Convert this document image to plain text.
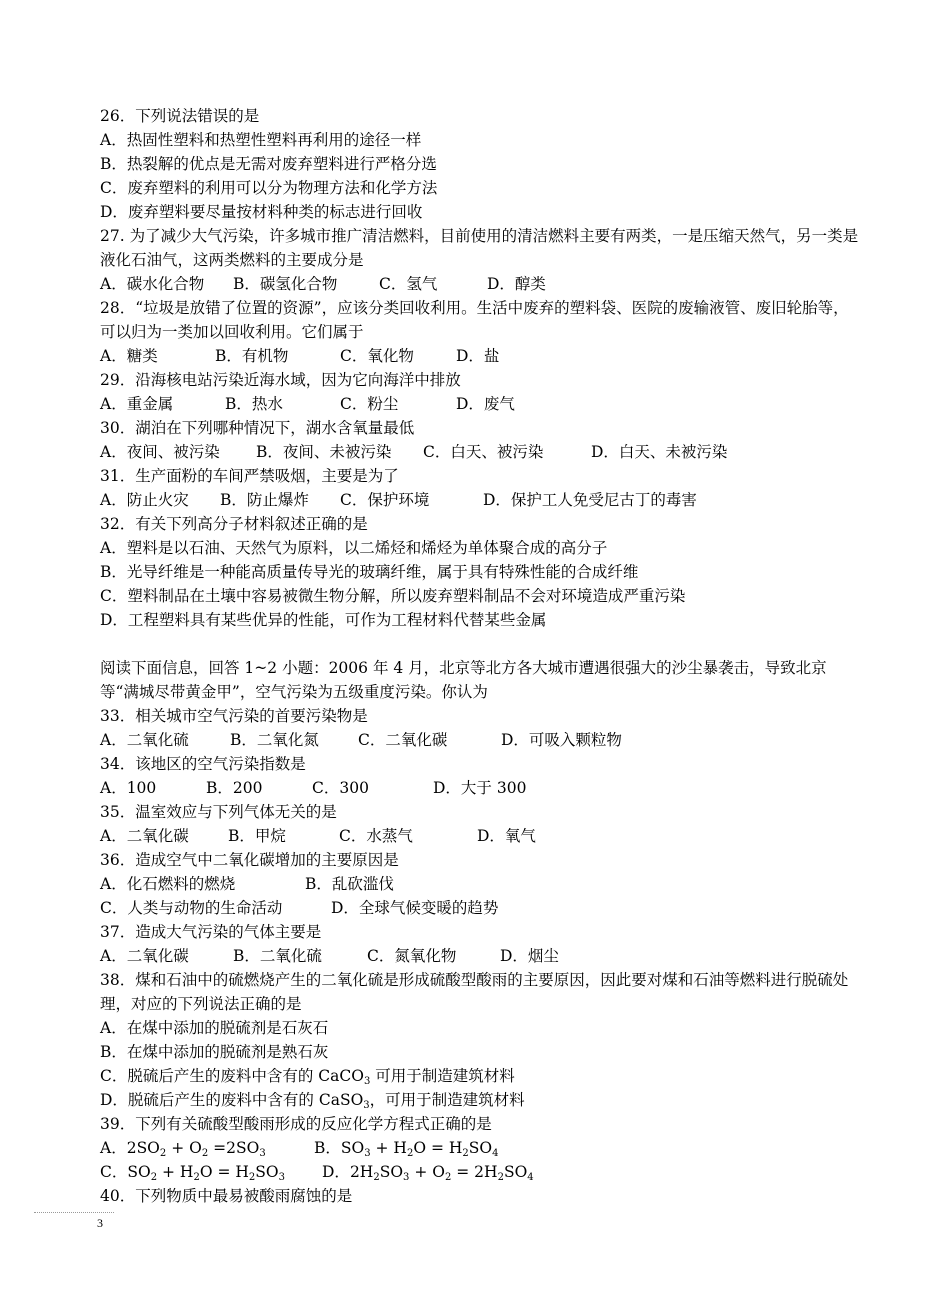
26．下列说法错误的是
A．热固性塑料和热塑性塑料再利用的途径一样
B．热裂解的优点是无需对废弃塑料进行严格分选
C．废弃塑料的利用可以分为物理方法和化学方法
D．废弃塑料要尽量按材料种类的标志进行回收
27. 为了减少大气污染，许多城市推广清洁燃料，目前使用的清洁燃料主要有两类，一是压缩天然气，另一类是液化石油气，这两类燃料的主要成分是
A．碳水化合物 B．碳氢化合物	C．氢气	D．醇类
28．“垃圾是放错了位置的资源”，应该分类回收利用。生活中废弃的塑料袋、医院的废输液管、废旧轮胎等，可以归为一类加以回收利用。它们属于
A．糖类	B．有机物	C．氧化物	D．盐
29．沿海核电站污染近海水域，因为它向海洋中排放
A．重金属	B．热水	C．粉尘	D．废气
30．湖泊在下列哪种情况下，湖水含氧量最低
A．夜间、被污染 B．夜间、未被污染 C．白天、被污染	D．白天、未被污染
31．生产面粉的车间严禁吸烟，主要是为了
A．防止火灾 B．防止爆炸 C．保护环境	D．保护工人免受尼古丁的毒害
32．有关下列高分子材料叙述正确的是
A．塑料是以石油、天然气为原料，以二烯烃和烯烃为单体聚合成的高分子
B．光导纤维是一种能高质量传导光的玻璃纤维，属于具有特殊性能的合成纤维
C．塑料制品在土壤中容易被微生物分解，所以废弃塑料制品不会对环境造成严重污染
D．工程塑料具有某些优异的性能，可作为工程材料代替某些金属
阅读下面信息，回答 1~2 小题：2006 年 4 月，北京等北方各大城市遭遇很强大的沙尘暴袭击，导致北京等“满城尽带黄金甲”，空气污染为五级重度污染。你认为
33．相关城市空气污染的首要污染物是
A．二氧化硫	B．二氧化氮	C．二氧化碳	D．可吸入颗粒物
34．该地区的空气污染指数是
A．100	B．200	C．300	D．大于 300
35．温室效应与下列气体无关的是
A．二氧化碳	B．甲烷	C．水蒸气	D．氧气
36．造成空气中二氧化碳增加的主要原因是
A．化石燃料的燃烧	B．乱砍滥伐
C．人类与动物的生命活动	D．全球气候变暖的趋势
37．造成大气污染的气体主要是
A．二氧化碳	B．二氧化硫	C．氮氧化物	D．烟尘
38．煤和石油中的硫燃烧产生的二氧化硫是形成硫酸型酸雨的主要原因，因此要对煤和石油等燃料进行脱硫处理，对应的下列说法正确的是
A．在煤中添加的脱硫剂是石灰石
B．在煤中添加的脱硫剂是熟石灰
C．脱硫后产生的废料中含有的 CaCO$_3$ 可用于制造建筑材料
D．脱硫后产生的废料中含有的 CaSO$_3$，可用于制造建筑材料
39．下列有关硫酸型酸雨形成的反应化学方程式正确的是
A．$2SO_2 + O_2 =2SO_3$	B．$SO_3 + H_2O = H_2SO_4$
C．$SO_2 + H_2O = H_2SO_3$ D．$2H_2SO_3 + O_2 = 2H_2SO_4$
40．下列物质中最易被酸雨腐蚀的是
3
